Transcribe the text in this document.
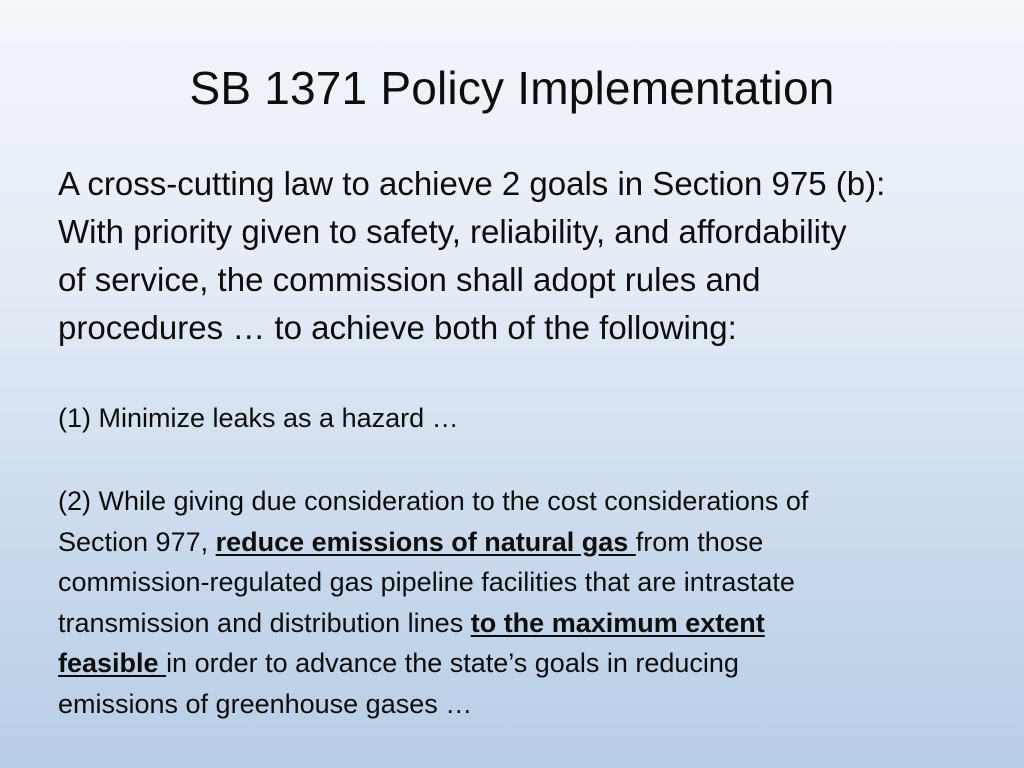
SB 1371 Policy Implementation

A cross-cutting law to achieve 2 goals in Section 975 (b):
With priority given to safety, reliability, and affordability
of service, the commission shall adopt rules and
procedures … to achieve both of the following:

(1) Minimize leaks as a hazard …
(2) While giving due consideration to the cost considerations of
Section 977, reduce emissions of natural gas from those
commission-regulated gas pipeline facilities that are intrastate
transmission and distribution lines to the maximum extent
feasible in order to advance the state’s goals in reducing
emissions of greenhouse gases …
